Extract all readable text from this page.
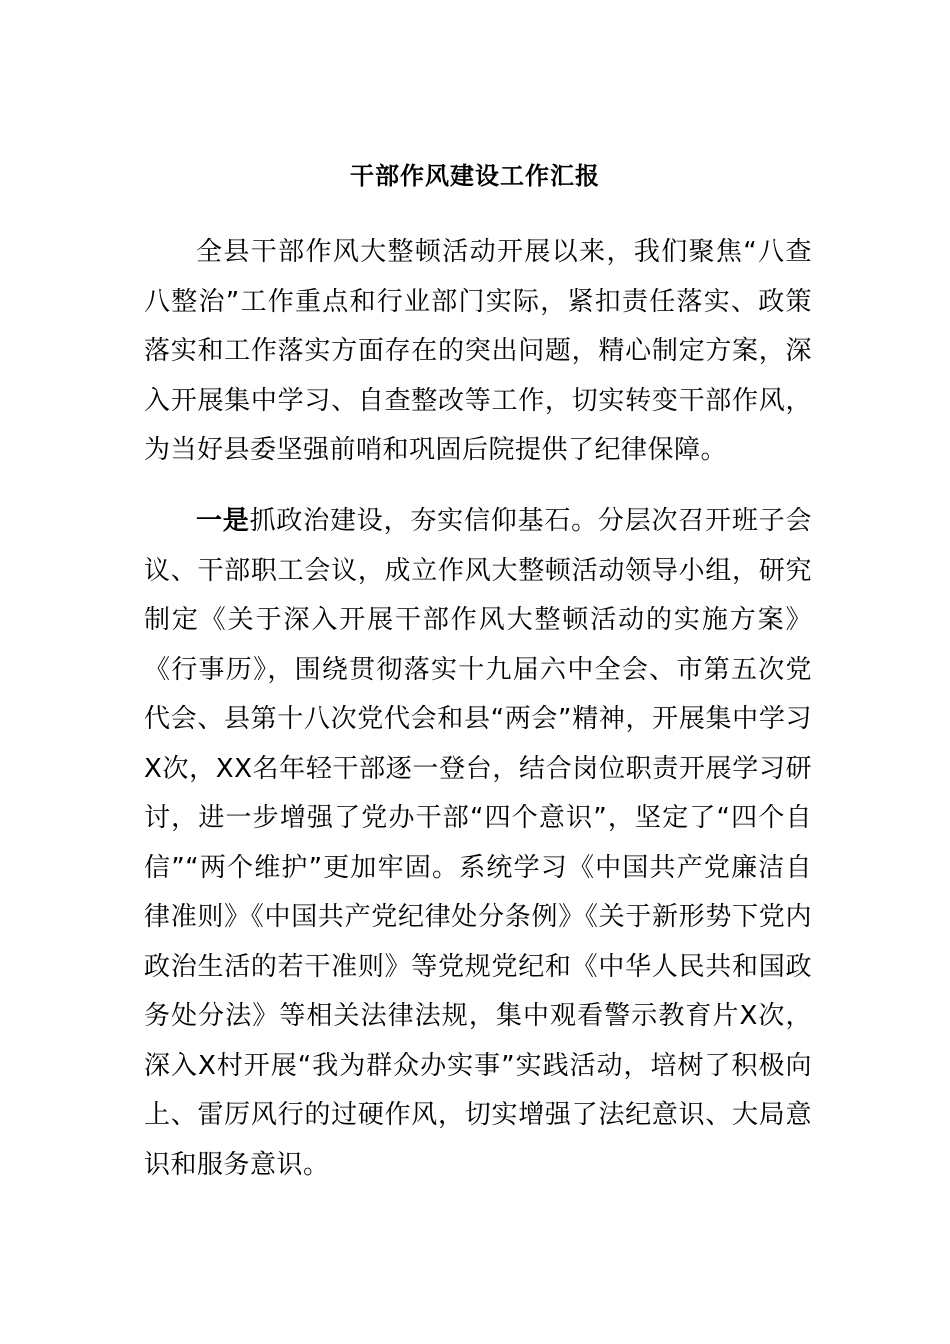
干部作风建设工作汇报

全县干部作风大整顿活动开展以来，我们聚焦“八查八整治”工作重点和行业部门实际，紧扣责任落实、政策落实和工作落实方面存在的突出问题，精心制定方案，深入开展集中学习、自查整改等工作，切实转变干部作风，为当好县委坚强前哨和巩固后院提供了纪律保障。

一是抓政治建设，夯实信仰基石。分层次召开班子会议、干部职工会议，成立作风大整顿活动领导小组，研究制定《关于深入开展干部作风大整顿活动的实施方案》《行事历》，围绕贯彻落实十九届六中全会、市第五次党代会、县第十八次党代会和县“两会”精神，开展集中学习X次，XX名年轻干部逐一登台，结合岗位职责开展学习研讨，进一步增强了党办干部“四个意识”，坚定了“四个自信”“两个维护”更加牢固。系统学习《中国共产党廉洁自律准则》《中国共产党纪律处分条例》《关于新形势下党内政治生活的若干准则》等党规党纪和《中华人民共和国政务处分法》等相关法律法规，集中观看警示教育片X次，深入X村开展“我为群众办实事”实践活动，培树了积极向上、雷厉风行的过硬作风，切实增强了法纪意识、大局意识和服务意识。
